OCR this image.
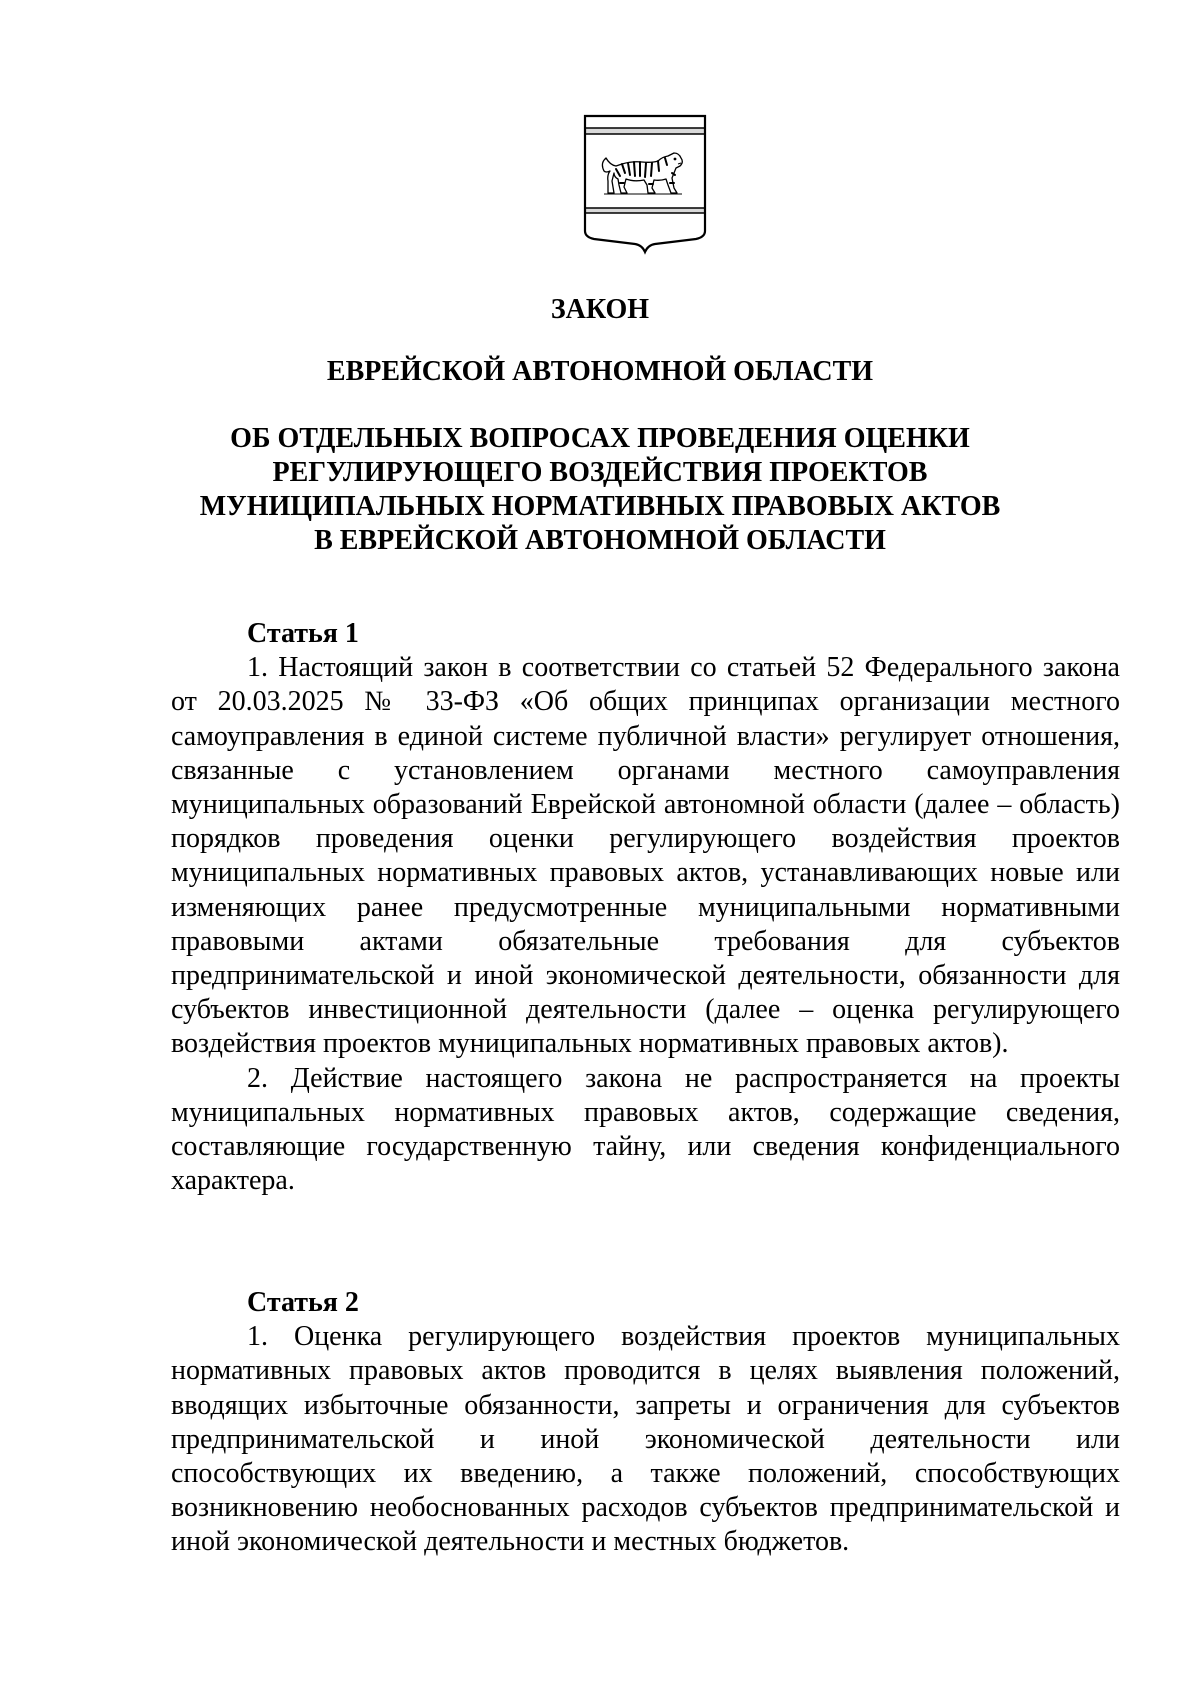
ЗАКОН

ЕВРЕЙСКОЙ АВТОНОМНОЙ ОБЛАСТИ

ОБ ОТДЕЛЬНЫХ ВОПРОСАХ ПРОВЕДЕНИЯ ОЦЕНКИ
РЕГУЛИРУЮЩЕГО ВОЗДЕЙСТВИЯ ПРОЕКТОВ
МУНИЦИПАЛЬНЫХ НОРМАТИВНЫХ ПРАВОВЫХ АКТОВ
В ЕВРЕЙСКОЙ АВТОНОМНОЙ ОБЛАСТИ

Статья 1

1. Настоящий закон в соответствии со статьей 52 Федерального закона от 20.03.2025 № 33-ФЗ «Об общих принципах организации местного самоуправления в единой системе публичной власти» регулирует отношения, связанные с установлением органами местного самоуправления муниципальных образований Еврейской автономной области (далее – область) порядков проведения оценки регулирующего воздействия проектов муниципальных нормативных правовых актов, устанавливающих новые или изменяющих ранее предусмотренные муниципальными нормативными правовыми актами обязательные требования для субъектов предпринимательской и иной экономической деятельности, обязанности для субъектов инвестиционной деятельности (далее – оценка регулирующего воздействия проектов муниципальных нормативных правовых актов).

2. Действие настоящего закона не распространяется на проекты муниципальных нормативных правовых актов, содержащие сведения, составляющие государственную тайну, или сведения конфиденциального характера.

Статья 2

1. Оценка регулирующего воздействия проектов муниципальных нормативных правовых актов проводится в целях выявления положений, вводящих избыточные обязанности, запреты и ограничения для субъектов предпринимательской и иной экономической деятельности или способствующих их введению, а также положений, способствующих возникновению необоснованных расходов субъектов предпринимательской и иной экономической деятельности и местных бюджетов.
